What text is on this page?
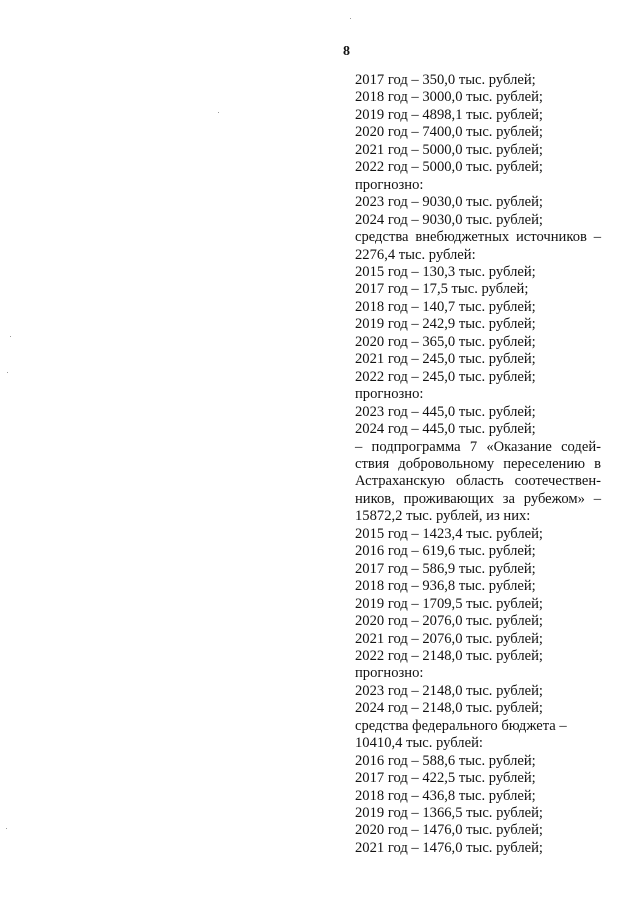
8
2017 год – 350,0 тыс. рублей;
2018 год – 3000,0 тыс. рублей;
2019 год – 4898,1 тыс. рублей;
2020 год – 7400,0 тыс. рублей;
2021 год – 5000,0 тыс. рублей;
2022 год – 5000,0 тыс. рублей;
прогнозно:
2023 год – 9030,0 тыс. рублей;
2024 год – 9030,0 тыс. рублей;
средства внебюджетных источников –
2276,4 тыс. рублей:
2015 год – 130,3 тыс. рублей;
2017 год – 17,5 тыс. рублей;
2018 год – 140,7 тыс. рублей;
2019 год – 242,9 тыс. рублей;
2020 год – 365,0 тыс. рублей;
2021 год – 245,0 тыс. рублей;
2022 год – 245,0 тыс. рублей;
прогнозно:
2023 год – 445,0 тыс. рублей;
2024 год – 445,0 тыс. рублей;
– подпрограмма 7 «Оказание содей-
ствия добровольному переселению в
Астраханскую область соотечествен-
ников, проживающих за рубежом» –
15872,2 тыс. рублей, из них:
2015 год – 1423,4 тыс. рублей;
2016 год – 619,6 тыс. рублей;
2017 год – 586,9 тыс. рублей;
2018 год – 936,8 тыс. рублей;
2019 год – 1709,5 тыс. рублей;
2020 год – 2076,0 тыс. рублей;
2021 год – 2076,0 тыс. рублей;
2022 год – 2148,0 тыс. рублей;
прогнозно:
2023 год – 2148,0 тыс. рублей;
2024 год – 2148,0 тыс. рублей;
средства федерального бюджета –
10410,4 тыс. рублей:
2016 год – 588,6 тыс. рублей;
2017 год – 422,5 тыс. рублей;
2018 год – 436,8 тыс. рублей;
2019 год – 1366,5 тыс. рублей;
2020 год – 1476,0 тыс. рублей;
2021 год – 1476,0 тыс. рублей;
